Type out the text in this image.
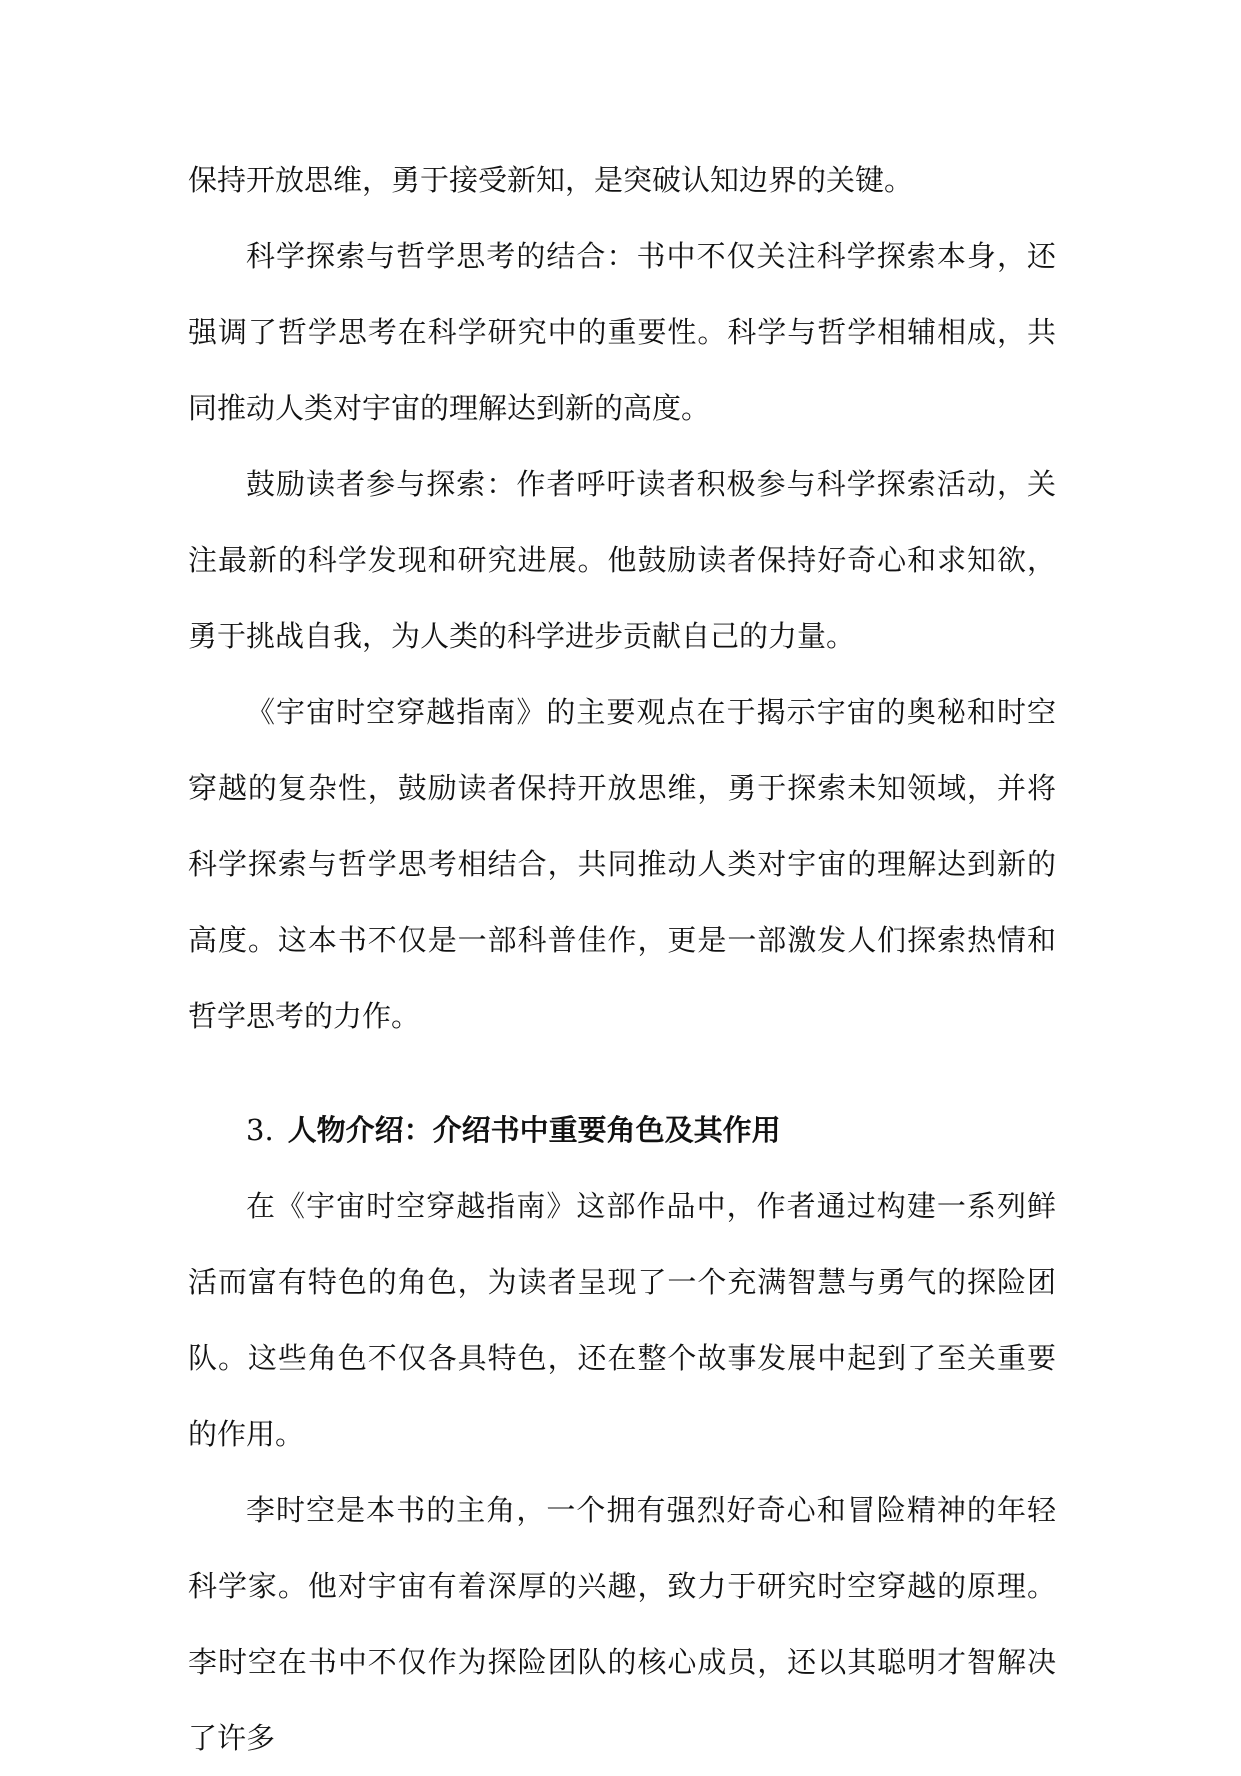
保持开放思维，勇于接受新知，是突破认知边界的关键。

科学探索与哲学思考的结合：书中不仅关注科学探索本身，还强调了哲学思考在科学研究中的重要性。科学与哲学相辅相成，共同推动人类对宇宙的理解达到新的高度。

鼓励读者参与探索：作者呼吁读者积极参与科学探索活动，关注最新的科学发现和研究进展。他鼓励读者保持好奇心和求知欲，勇于挑战自我，为人类的科学进步贡献自己的力量。

《宇宙时空穿越指南》的主要观点在于揭示宇宙的奥秘和时空穿越的复杂性，鼓励读者保持开放思维，勇于探索未知领域，并将科学探索与哲学思考相结合，共同推动人类对宇宙的理解达到新的高度。这本书不仅是一部科普佳作，更是一部激发人们探索热情和哲学思考的力作。

3. 人物介绍：介绍书中重要角色及其作用

在《宇宙时空穿越指南》这部作品中，作者通过构建一系列鲜活而富有特色的角色，为读者呈现了一个充满智慧与勇气的探险团队。这些角色不仅各具特色，还在整个故事发展中起到了至关重要的作用。

李时空是本书的主角，一个拥有强烈好奇心和冒险精神的年轻科学家。他对宇宙有着深厚的兴趣，致力于研究时空穿越的原理。李时空在书中不仅作为探险团队的核心成员，还以其聪明才智解决了许多
